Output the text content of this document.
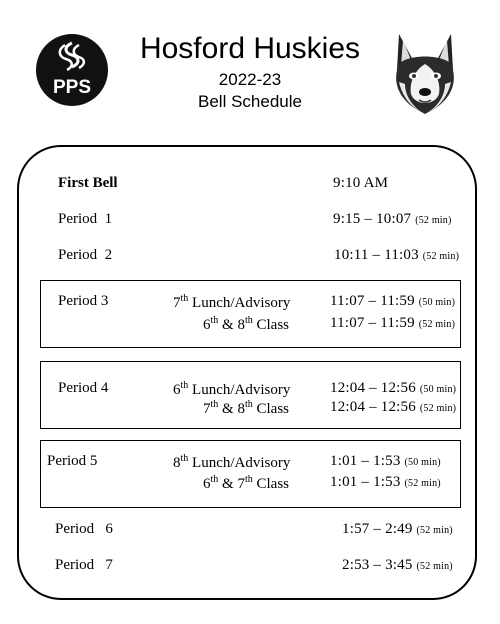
PPS
Hosford Huskies
2022-23
Bell Schedule
First Bell	9:10 AM
Period  1	9:15 – 10:07 (52 min)
Period  2	10:11 – 11:03 (52 min)
Period 3	7th Lunch/Advisory	11:07 – 11:59 (50 min)
6th & 8th Class	11:07 – 11:59 (52 min)
Period 4	6th Lunch/Advisory	12:04 – 12:56 (50 min)
7th & 8th Class	12:04 – 12:56 (52 min)
Period 5	8th Lunch/Advisory	1:01 – 1:53 (50 min)
6th & 7th Class	1:01 – 1:53 (52 min)
Period   6	1:57 – 2:49 (52 min)
Period   7	2:53 – 3:45 (52 min)
